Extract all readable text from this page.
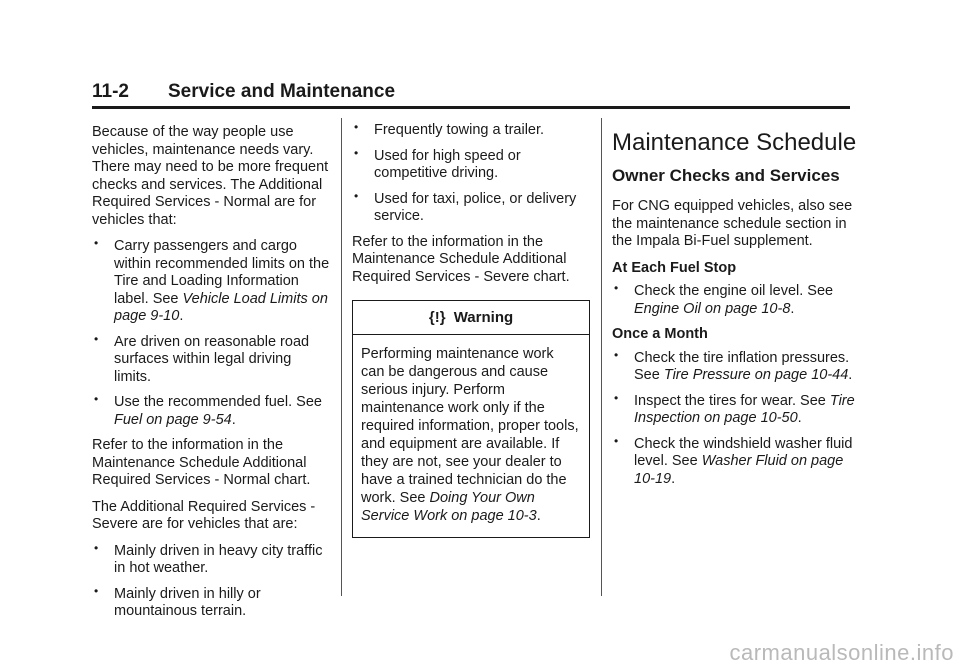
11-2 Service and Maintenance

Because of the way people use vehicles, maintenance needs vary. There may need to be more frequent checks and services. The Additional Required Services - Normal are for vehicles that:

• Carry passengers and cargo within recommended limits on the Tire and Loading Information label. See Vehicle Load Limits on page 9-10.
• Are driven on reasonable road surfaces within legal driving limits.
• Use the recommended fuel. See Fuel on page 9-54.

Refer to the information in the Maintenance Schedule Additional Required Services - Normal chart.

The Additional Required Services - Severe are for vehicles that are:

• Mainly driven in heavy city traffic in hot weather.
• Mainly driven in hilly or mountainous terrain.
• Frequently towing a trailer.
• Used for high speed or competitive driving.
• Used for taxi, police, or delivery service.

Refer to the information in the Maintenance Schedule Additional Required Services - Severe chart.

{!} Warning
Performing maintenance work can be dangerous and cause serious injury. Perform maintenance work only if the required information, proper tools, and equipment are available. If they are not, see your dealer to have a trained technician do the work. See Doing Your Own Service Work on page 10-3.
Maintenance Schedule
Owner Checks and Services

For CNG equipped vehicles, also see the maintenance schedule section in the Impala Bi-Fuel supplement.

At Each Fuel Stop

• Check the engine oil level. See Engine Oil on page 10-8.

Once a Month

• Check the tire inflation pressures. See Tire Pressure on page 10-44.
• Inspect the tires for wear. See Tire Inspection on page 10-50.
• Check the windshield washer fluid level. See Washer Fluid on page 10-19.
carmanualsonline.info
